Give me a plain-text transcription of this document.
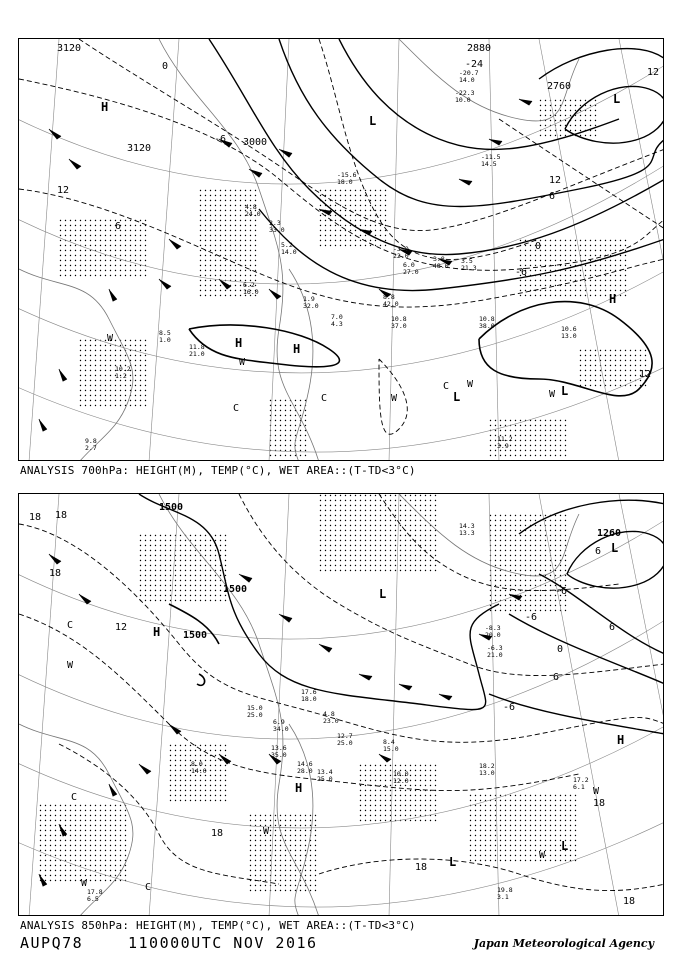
3120
3120
3000
2880
2760
0
-6
12
12
6
0
-6
12
12
-24
6
H
H	H
H
L
L
L	L
W
W
W
W
W
C
C
C
10.8
38.0	10.6
13.0
8.8
42.0
10.8
37.0
11.2
3.9
10.2
1.2
8.5
1.0
11.8
21.0
6.2
16.0
1.9
32.0
4.8
24.0
2.3
33.0
5.2
14.0
7.0
4.3
-3.0
22.0
6.0
27.0
3.8
48.0
3.5
21.3
-11.5
14.5
-15.6
18.0
-22.3
10.0
-20.7
14.0
9.8
2.7
ANALYSIS 700hPa: HEIGHT(M), TEMP(°C), WET AREA::(T-TD<3°C)
1500
1500
1500
1260
18 18
18
12
6
0
-6
-6
-6
6
6
18
18
18
18
H
H
H
L
L
L
L
W
W
W
W
W
C
C
C
18.2
13.0
17.2
6.1
10.0
12.0
19.8
3.1
13.6
35.0
14.6
28.0 13.4
25.0
8.4
15.0
12.7
25.0
4.8
23.0
17.6
18.0
6.9
34.0
15.0
25.0
-8.3
20.0
-6.3
21.0
14.3
13.3
8.0
14.0
17.8
6.5
ANALYSIS 850hPa: HEIGHT(M), TEMP(°C), WET AREA::(T-TD<3°C)
AUPQ78	110000UTC NOV 2016	Japan Meteorological Agency
